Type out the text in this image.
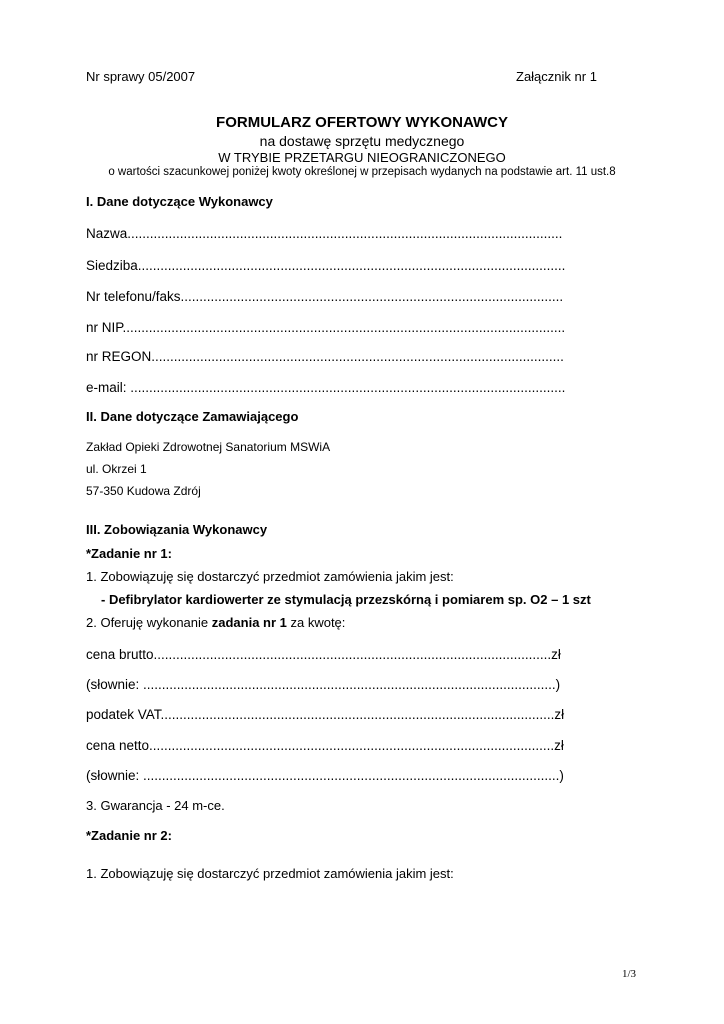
Nr sprawy 05/2007	Załącznik nr 1
FORMULARZ OFERTOWY WYKONAWCY
na dostawę sprzętu medycznego
W TRYBIE PRZETARGU NIEOGRANICZONEGO
o wartości szacunkowej poniżej kwoty określonej w przepisach wydanych na podstawie art. 11 ust.8
I. Dane dotyczące Wykonawcy
Nazwa....................................................................................................................
Siedziba..................................................................................................................
Nr telefonu/faks......................................................................................................
nr NIP......................................................................................................................
nr REGON..............................................................................................................
e-mail: ....................................................................................................................
II. Dane dotyczące Zamawiającego
Zakład Opieki Zdrowotnej Sanatorium MSWiA
ul. Okrzei 1
57-350 Kudowa Zdrój
III. Zobowiązania Wykonawcy
*Zadanie nr 1:
1. Zobowiązuję się dostarczyć przedmiot zamówienia jakim jest:
- Defibrylator kardiowerter ze stymulacją przezskórną i pomiarem sp. O2 – 1 szt
2. Oferuję wykonanie zadania nr 1 za kwotę:
cena brutto..........................................................................................................zł
(słownie: ..............................................................................................................)
podatek VAT.........................................................................................................zł
cena netto............................................................................................................zł
(słownie: ...............................................................................................................)
3. Gwarancja - 24 m-ce.
*Zadanie nr 2:
1. Zobowiązuję się dostarczyć przedmiot zamówienia jakim jest:
1/3
